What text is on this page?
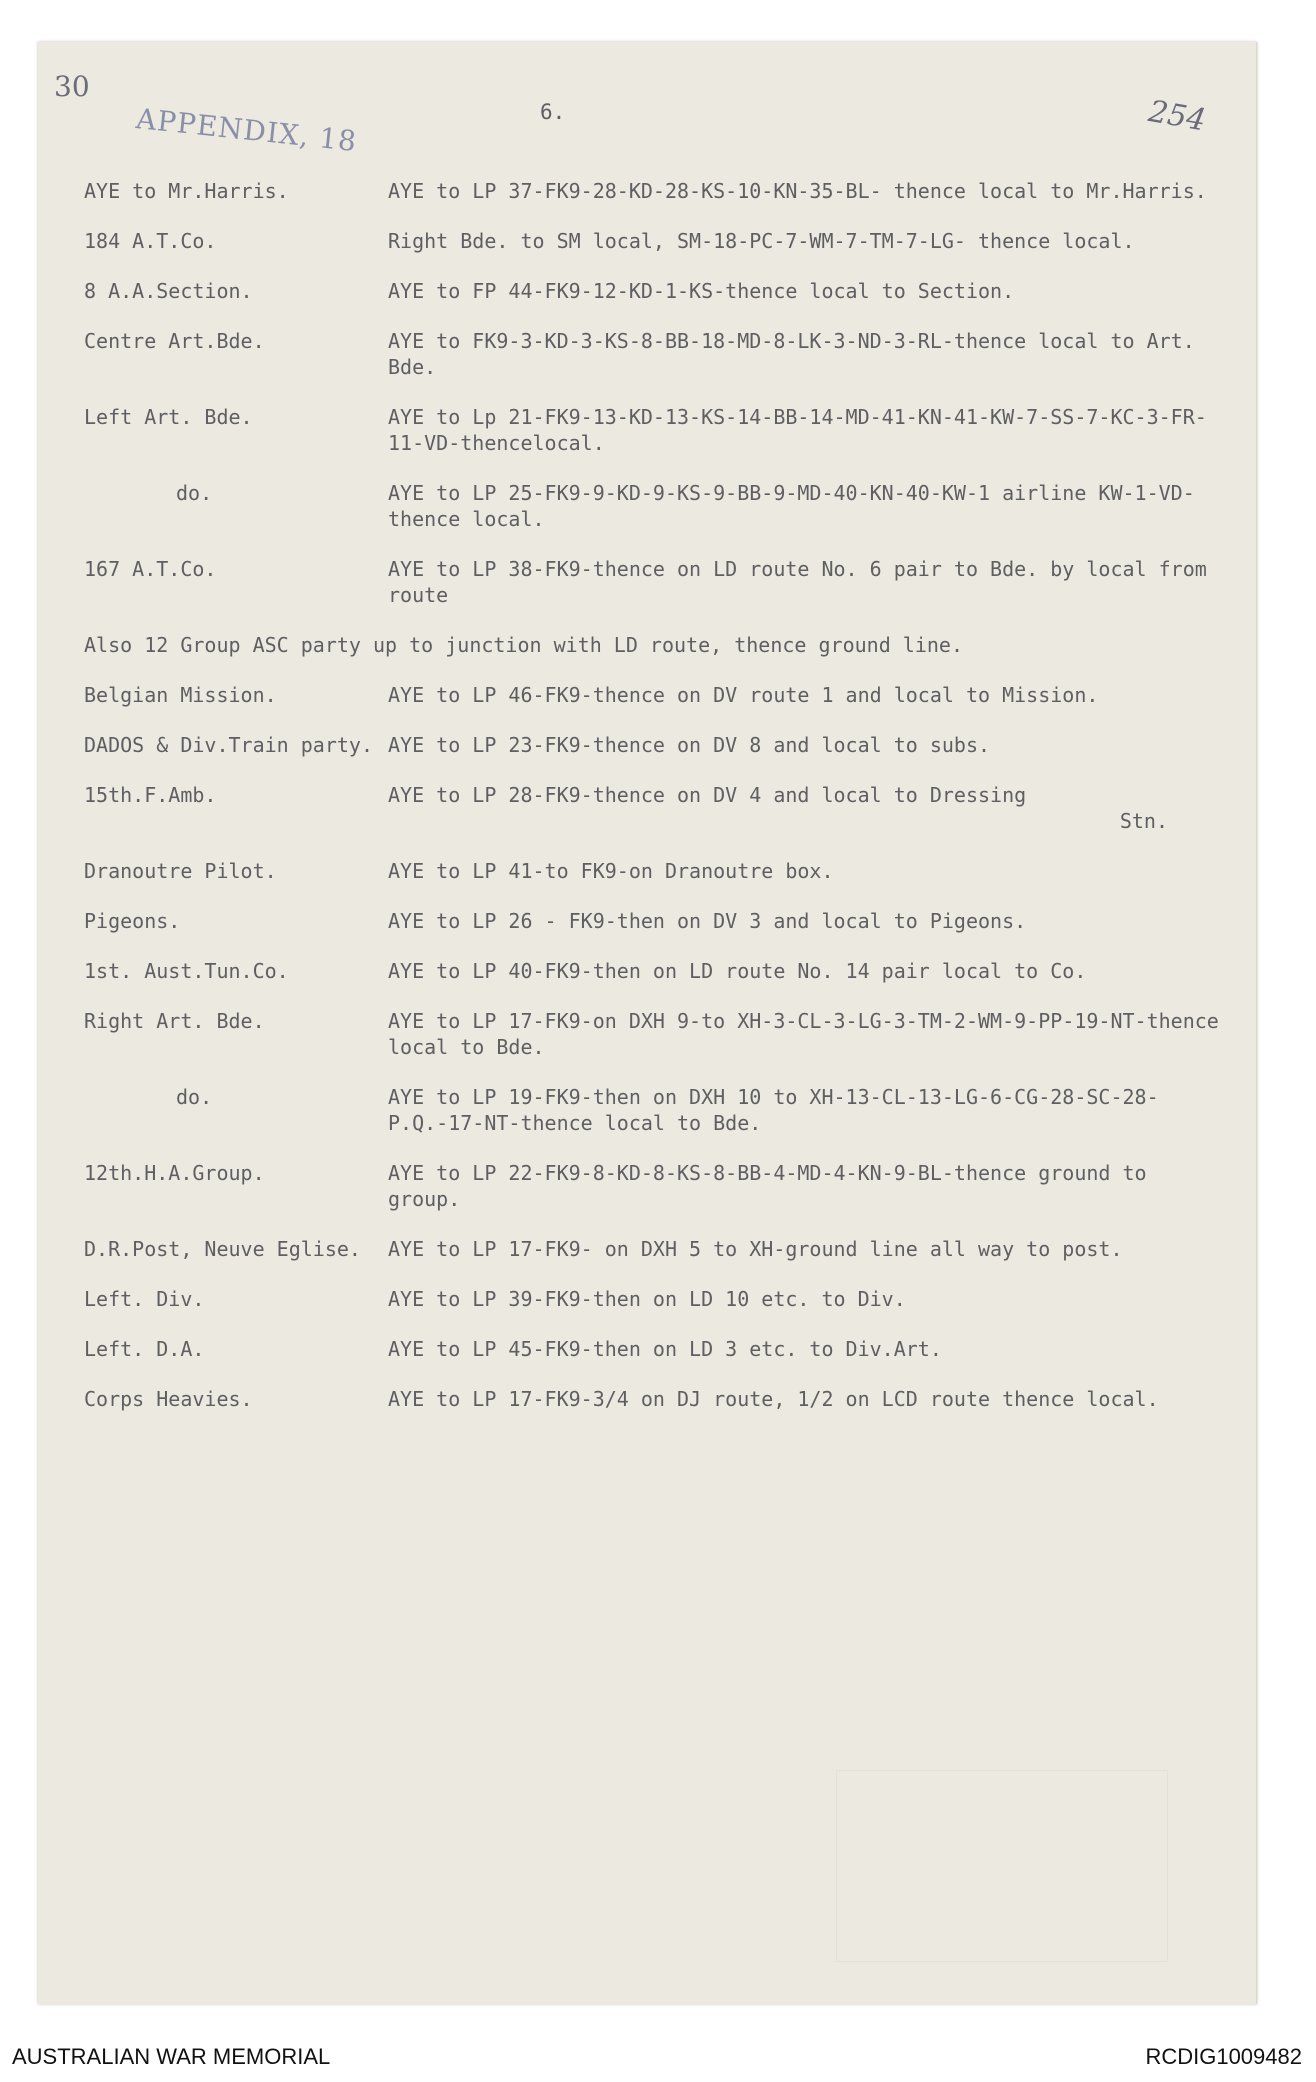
30
APPENDIX, 18	254
6.
AYE to Mr.Harris.	AYE to LP 37-FK9-28-KD-28-KS-10-KN-35-BL- thence local to Mr.Harris.
184 A.T.Co.	Right Bde. to SM local, SM-18-PC-7-WM-7-TM-7-LG- thence local.
8 A.A.Section.	AYE to FP 44-FK9-12-KD-1-KS-thence local to Section.
Centre Art.Bde.	AYE to FK9-3-KD-3-KS-8-BB-18-MD-8-LK-3-ND-3-RL-thence local to Art. Bde.
Left Art. Bde.	AYE to Lp 21-FK9-13-KD-13-KS-14-BB-14-MD-41-KN-41-KW-7-SS-7-KC-3-FR-11-VD-thencelocal.
do.	AYE to LP 25-FK9-9-KD-9-KS-9-BB-9-MD-40-KN-40-KW-1 airline KW-1-VD-thence local.
167 A.T.Co.	AYE to LP 38-FK9-thence on LD route No. 6 pair to Bde. by local from route
Also 12 Group ASC party up to junction with LD route, thence ground line.
Belgian Mission.	AYE to LP 46-FK9-thence on DV route 1 and local to Mission.
DADOS & Div.Train party. AYE to LP 23-FK9-thence on DV 8 and local to subs.
15th.F.Amb.	AYE to LP 28-FK9-thence on DV 4 and local to Dressing
Stn.
Dranoutre Pilot.	AYE to LP 41-to FK9-on Dranoutre box.
Pigeons.	AYE to LP 26 - FK9-then on DV 3 and local to Pigeons.
1st. Aust.Tun.Co.	AYE to LP 40-FK9-then on LD route No. 14 pair local to Co.
Right Art. Bde.	AYE to LP 17-FK9-on DXH 9-to XH-3-CL-3-LG-3-TM-2-WM-9-PP-19-NT-thence local to Bde.
do.	AYE to LP 19-FK9-then on DXH 10 to XH-13-CL-13-LG-6-CG-28-SC-28- P.Q.-17-NT-thence local to Bde.
12th.H.A.Group.	AYE to LP 22-FK9-8-KD-8-KS-8-BB-4-MD-4-KN-9-BL-thence ground to group.
D.R.Post, Neuve Eglise.	AYE to LP 17-FK9- on DXH 5 to XH-ground line all way to post.
Left. Div.	AYE to LP 39-FK9-then on LD 10 etc. to Div.
Left. D.A.	AYE to LP 45-FK9-then on LD 3 etc. to Div.Art.
Corps Heavies.	AYE to LP 17-FK9-3/4 on DJ route, 1/2 on LCD route thence local.
AUSTRALIAN WAR MEMORIAL	RCDIG1009482
